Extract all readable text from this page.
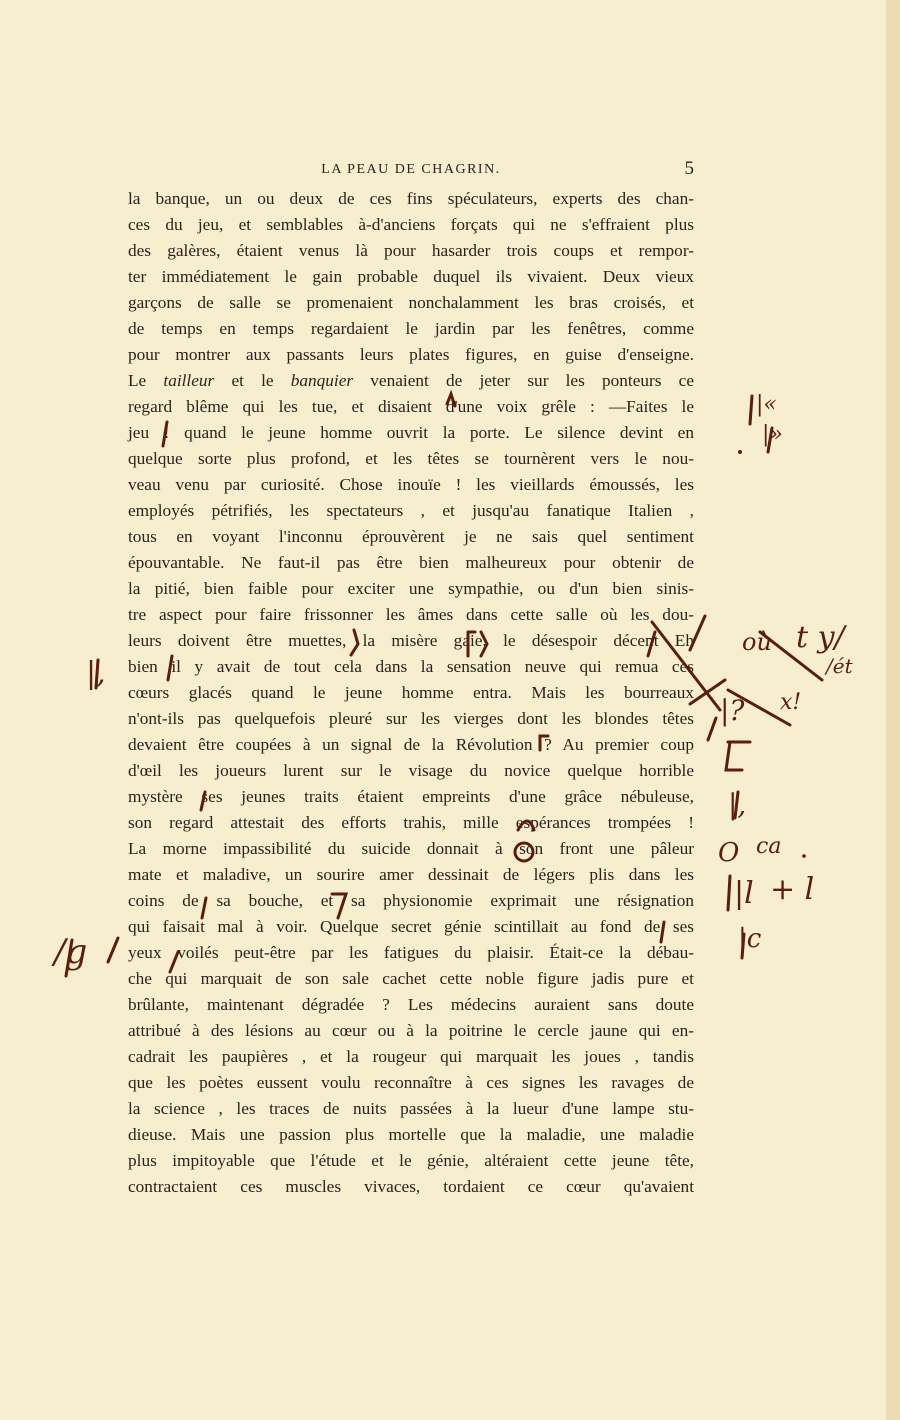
LA PEAU DE CHAGRIN.	5
la banque, un ou deux de ces fins spéculateurs, experts des chan-
ces du jeu, et semblables à-d'anciens forçats qui ne s'effraient plus
des galères, étaient venus là pour hasarder trois coups et rempor-
ter immédiatement le gain probable duquel ils vivaient. Deux vieux
garçons de salle se promenaient nonchalamment les bras croisés, et
de temps en temps regardaient le jardin par les fenêtres, comme
pour montrer aux passants leurs plates figures, en guise d'enseigne.
Le tailleur et le banquier venaient de jeter sur les ponteurs ce
regard blême qui les tue, et disaient d'une voix grêle : —Faites le
jeu ! quand le jeune homme ouvrit la porte. Le silence devint en
quelque sorte plus profond, et les têtes se tournèrent vers le nou-
veau venu par curiosité. Chose inouïe ! les vieillards émoussés, les
employés pétrifiés, les spectateurs , et jusqu'au fanatique Italien ,
tous en voyant l'inconnu éprouvèrent je ne sais quel sentiment
épouvantable. Ne faut-il pas être bien malheureux pour obtenir de
la pitié, bien faible pour exciter une sympathie, ou d'un bien sinis-
tre aspect pour faire frissonner les âmes dans cette salle où les dou-
leurs doivent être muettes, la misère gaie, le désespoir décent Eh
bien il y avait de tout cela dans la sensation neuve qui remua ces
cœurs glacés quand le jeune homme entra. Mais les bourreaux
n'ont-ils pas quelquefois pleuré sur les vierges dont les blondes têtes
devaient être coupées à un signal de la Révolution ? Au premier coup
d'œil les joueurs lurent sur le visage du novice quelque horrible
mystère ses jeunes traits étaient empreints d'une grâce nébuleuse,
son regard attestait des efforts trahis, mille espérances trompées !
La morne impassibilité du suicide donnait à son front une pâleur
mate et maladive, un sourire amer dessinait de légers plis dans les
coins de sa bouche, et sa physionomie exprimait une résignation
qui faisait mal à voir. Quelque secret génie scintillait au fond de ses
yeux voilés peut-être par les fatigues du plaisir. Était-ce la débau-
che qui marquait de son sale cachet cette noble figure jadis pure et
brûlante, maintenant dégradée ? Les médecins auraient sans doute
attribué à des lésions au cœur ou à la poitrine le cercle jaune qui en-
cadrait les paupières , et la rougeur qui marquait les joues , tandis
que les poètes eussent voulu reconnaître à ces signes les ravages de
la science , les traces de nuits passées à la lueur d'une lampe stu-
dieuse. Mais une passion plus mortelle que la maladie, une maladie
plus impitoyable que l'étude et le génie, altéraient cette jeune tête,
contractaient ces muscles vivaces, tordaient ce cœur qu'avaient
|«
|»
|,
où t y/
/ét
|? x!
|,
O ca
|l + l
|c
/g
